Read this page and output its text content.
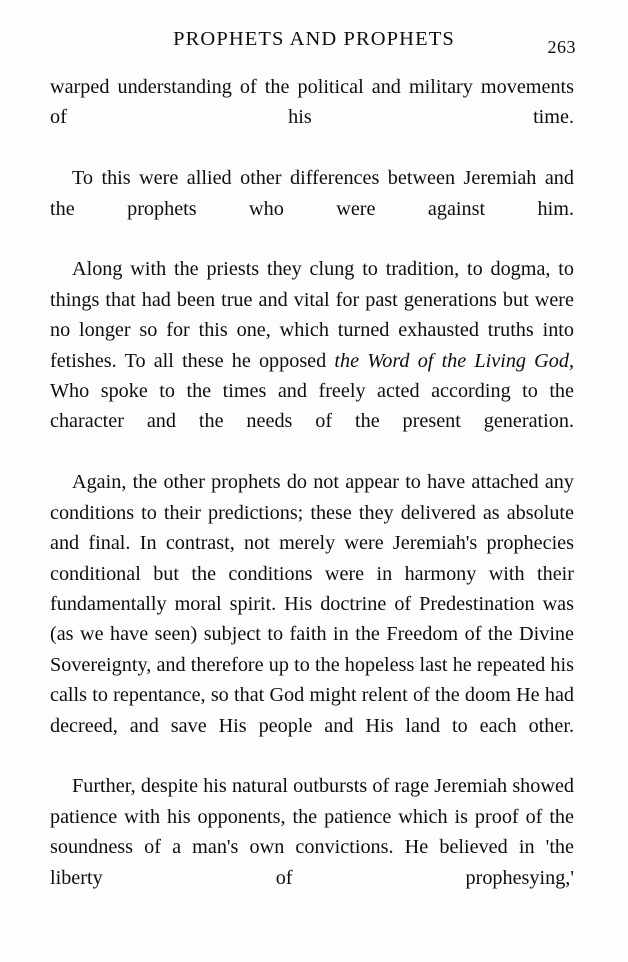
PROPHETS AND PROPHETS	263

warped understanding of the political and military movements of his time.

To this were allied other differences between Jeremiah and the prophets who were against him.

Along with the priests they clung to tradition, to dogma, to things that had been true and vital for past generations but were no longer so for this one, which turned exhausted truths into fetishes. To all these he opposed the Word of the Living God, Who spoke to the times and freely acted according to the character and the needs of the present generation.

Again, the other prophets do not appear to have attached any conditions to their predictions; these they delivered as absolute and final. In contrast, not merely were Jeremiah's prophecies conditional but the conditions were in harmony with their fundamentally moral spirit. His doctrine of Predestination was (as we have seen) subject to faith in the Freedom of the Divine Sovereignty, and therefore up to the hopeless last he repeated his calls to repentance, so that God might relent of the doom He had decreed, and save His people and His land to each other.

Further, despite his natural outbursts of rage Jeremiah showed patience with his opponents, the patience which is proof of the soundness of a man's own convictions. He believed in 'the liberty of prophesying,'
